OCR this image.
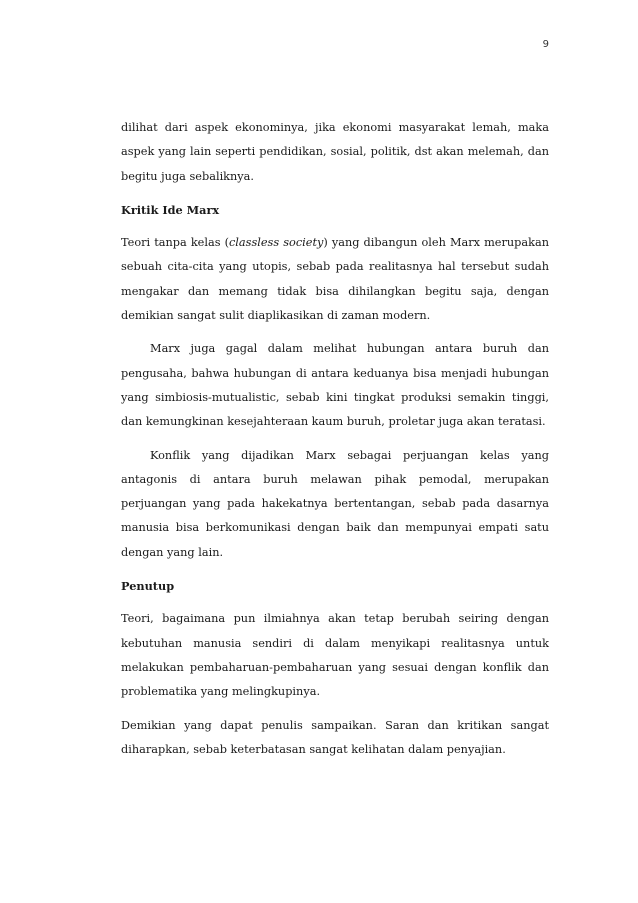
9

dilihat dari aspek ekonominya, jika ekonomi masyarakat lemah, maka aspek yang lain seperti pendidikan, sosial, politik, dst akan melemah, dan begitu juga sebaliknya.

Kritik Ide Marx

Teori tanpa kelas (classless society) yang dibangun oleh Marx merupakan sebuah cita-cita yang utopis, sebab pada realitasnya hal tersebut sudah mengakar dan memang tidak bisa dihilangkan begitu saja, dengan demikian sangat sulit diaplikasikan di zaman modern.

Marx juga gagal dalam melihat hubungan antara buruh dan pengusaha, bahwa hubungan di antara keduanya bisa menjadi hubungan yang simbiosis-mutualistic, sebab kini tingkat produksi semakin tinggi, dan kemungkinan kesejahteraan kaum buruh, proletar juga akan teratasi.

Konflik yang dijadikan Marx sebagai perjuangan kelas yang antagonis di antara buruh melawan pihak pemodal, merupakan perjuangan yang pada hakekatnya bertentangan, sebab pada dasarnya manusia bisa berkomunikasi dengan baik dan mempunyai empati satu dengan yang lain.

Penutup

Teori, bagaimana pun ilmiahnya akan tetap berubah seiring dengan kebutuhan manusia sendiri di dalam menyikapi realitasnya untuk melakukan pembaharuan-pembaharuan yang sesuai dengan konflik dan problematika yang melingkupinya.

Demikian yang dapat penulis sampaikan. Saran dan kritikan sangat diharapkan, sebab keterbatasan sangat kelihatan dalam penyajian.
